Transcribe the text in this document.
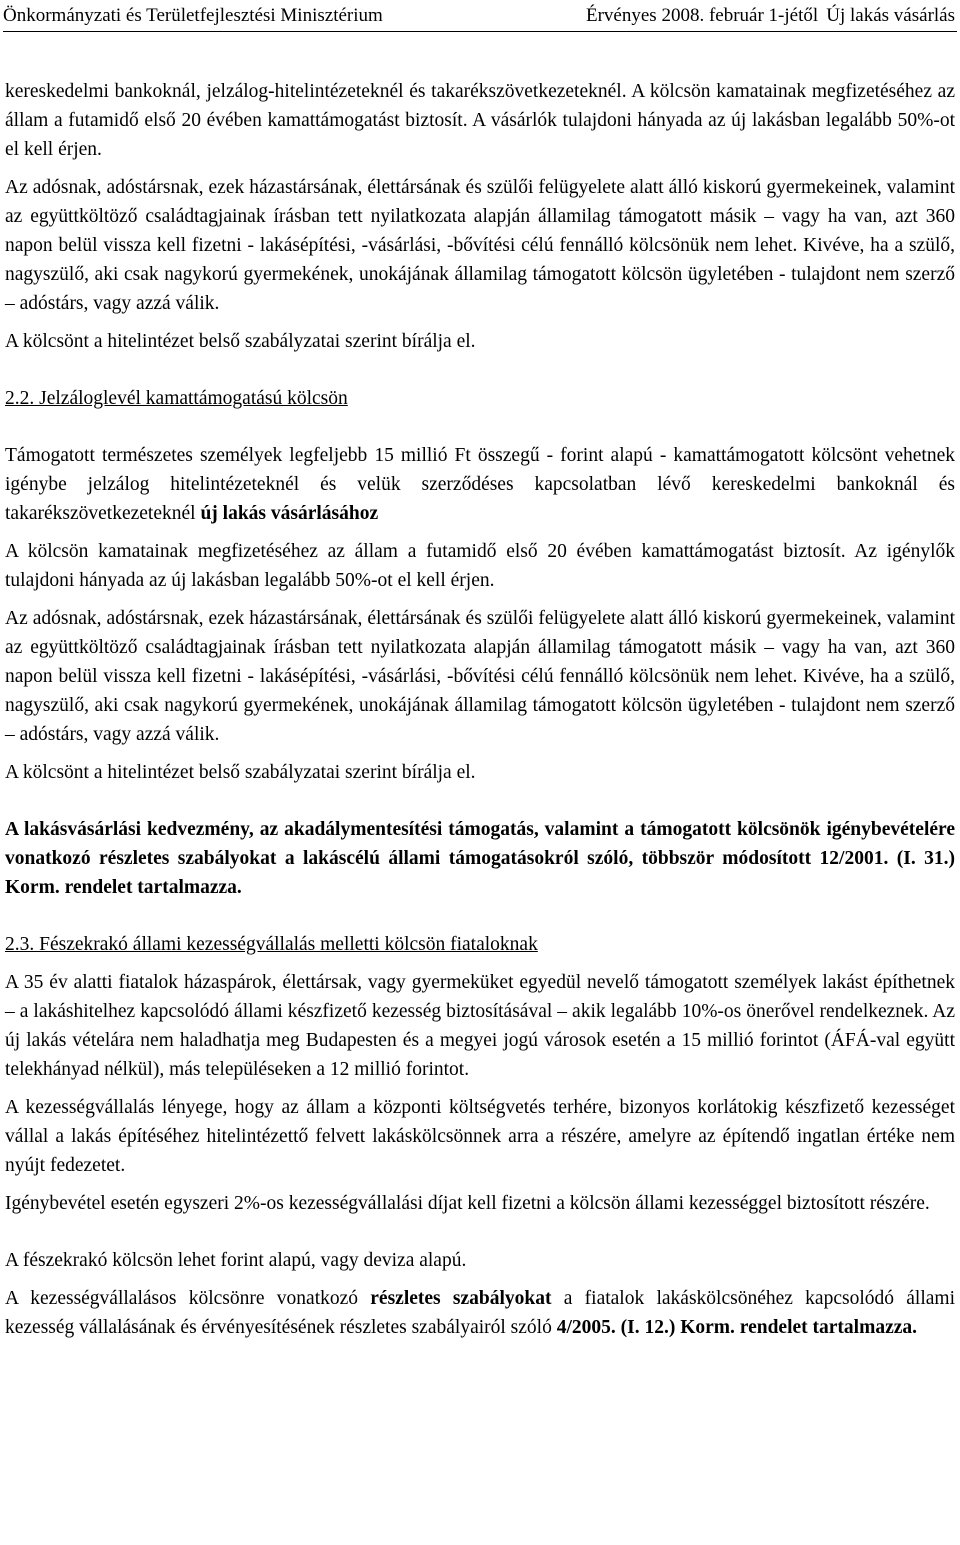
Önkormányzati és Területfejlesztési Minisztérium	Érvényes 2008. február 1-jétől Új lakás vásárlás

kereskedelmi bankoknál, jelzálog-hitelintézeteknél és takarékszövetkezeteknél. A kölcsön kamatainak megfizetéséhez az állam a futamidő első 20 évében kamattámogatást biztosít. A vásárlók tulajdoni hányada az új lakásban legalább 50%-ot el kell érjen.

Az adósnak, adóstársnak, ezek házastársának, élettársának és szülői felügyelete alatt álló kiskorú gyermekeinek, valamint az együttköltöző családtagjainak írásban tett nyilatkozata alapján államilag támogatott másik – vagy ha van, azt 360 napon belül vissza kell fizetni - lakásépítési, -vásárlási, -bővítési célú fennálló kölcsönük nem lehet. Kivéve, ha a szülő, nagyszülő, aki csak nagykorú gyermekének, unokájának államilag támogatott kölcsön ügyletében - tulajdont nem szerző – adóstárs, vagy azzá válik.

A kölcsönt a hitelintézet belső szabályzatai szerint bírálja el.

2.2. Jelzáloglevél kamattámogatású kölcsön

Támogatott természetes személyek legfeljebb 15 millió Ft összegű - forint alapú - kamattámogatott kölcsönt vehetnek igénybe jelzálog hitelintézeteknél és velük szerződéses kapcsolatban lévő kereskedelmi bankoknál és takarékszövetkezeteknél új lakás vásárlásához

A kölcsön kamatainak megfizetéséhez az állam a futamidő első 20 évében kamattámogatást biztosít. Az igénylők tulajdoni hányada az új lakásban legalább 50%-ot el kell érjen.

Az adósnak, adóstársnak, ezek házastársának, élettársának és szülői felügyelete alatt álló kiskorú gyermekeinek, valamint az együttköltöző családtagjainak írásban tett nyilatkozata alapján államilag támogatott másik – vagy ha van, azt 360 napon belül vissza kell fizetni - lakásépítési, -vásárlási, -bővítési célú fennálló kölcsönük nem lehet. Kivéve, ha a szülő, nagyszülő, aki csak nagykorú gyermekének, unokájának államilag támogatott kölcsön ügyletében - tulajdont nem szerző – adóstárs, vagy azzá válik.

A kölcsönt a hitelintézet belső szabályzatai szerint bírálja el.

A lakásvásárlási kedvezmény, az akadálymentesítési támogatás, valamint a támogatott kölcsönök igénybevételére vonatkozó részletes szabályokat a lakáscélú állami támogatásokról szóló, többször módosított 12/2001. (I. 31.) Korm. rendelet tartalmazza.

2.3. Fészekrakó állami kezességvállalás melletti kölcsön fiataloknak

A 35 év alatti fiatalok házaspárok, élettársak, vagy gyermeküket egyedül nevelő támogatott személyek lakást építhetnek – a lakáshitelhez kapcsolódó állami készfizető kezesség biztosításával – akik legalább 10%-os önerővel rendelkeznek. Az új lakás vételára nem haladhatja meg Budapesten és a megyei jogú városok esetén a 15 millió forintot (ÁFÁ-val együtt telekhányad nélkül), más településeken a 12 millió forintot.

A kezességvállalás lényege, hogy az állam a központi költségvetés terhére, bizonyos korlátokig készfizető kezességet vállal a lakás építéséhez hitelintézettő felvett lakáskölcsönnek arra a részére, amelyre az építendő ingatlan értéke nem nyújt fedezetet.

Igénybevétel esetén egyszeri 2%-os kezességvállalási díjat kell fizetni a kölcsön állami kezességgel biztosított részére.

A fészekrakó kölcsön lehet forint alapú, vagy deviza alapú.

A kezességvállalásos kölcsönre vonatkozó részletes szabályokat a fiatalok lakáskölcsönéhez kapcsolódó állami kezesség vállalásának és érvényesítésének részletes szabályairól szóló 4/2005. (I. 12.) Korm. rendelet tartalmazza.
